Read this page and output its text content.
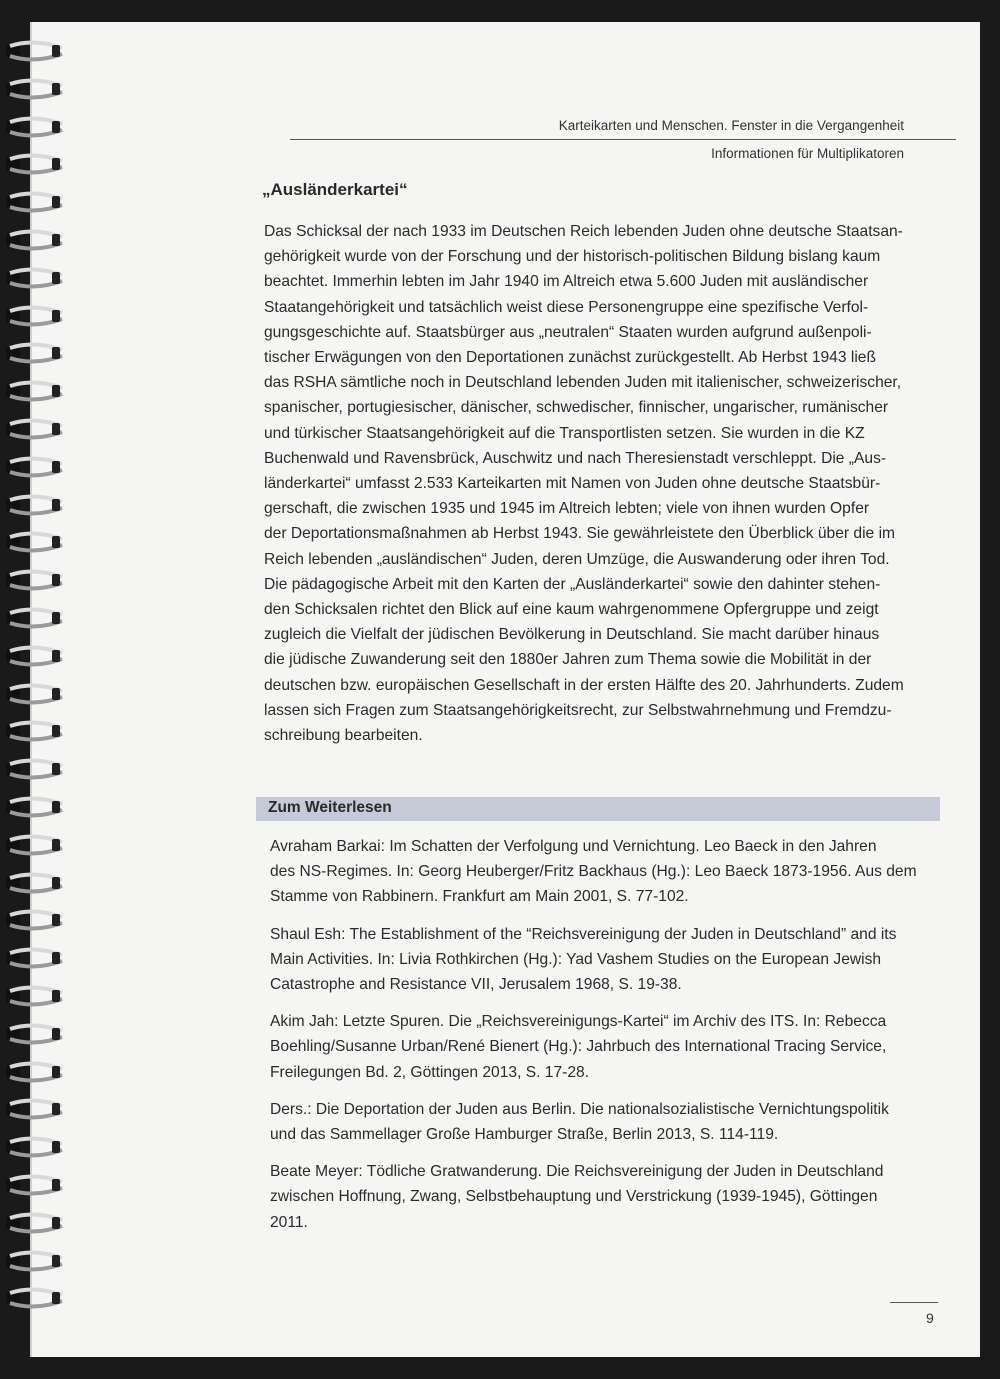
Karteikarten und Menschen. Fenster in die Vergangenheit
Informationen für Multiplikatoren
„Ausländerkartei“
Das Schicksal der nach 1933 im Deutschen Reich lebenden Juden ohne deutsche Staatsan-
gehörigkeit wurde von der Forschung und der historisch-politischen Bildung bislang kaum
beachtet. Immerhin lebten im Jahr 1940 im Altreich etwa 5.600 Juden mit ausländischer
Staatangehörigkeit und tatsächlich weist diese Personengruppe eine spezifische Verfol-
gungsgeschichte auf. Staatsbürger aus „neutralen“ Staaten wurden aufgrund außenpoli-
tischer Erwägungen von den Deportationen zunächst zurückgestellt. Ab Herbst 1943 ließ
das RSHA sämtliche noch in Deutschland lebenden Juden mit italienischer, schweizerischer,
spanischer, portugiesischer, dänischer, schwedischer, finnischer, ungarischer, rumänischer
und türkischer Staatsangehörigkeit auf die Transportlisten setzen. Sie wurden in die KZ
Buchenwald und Ravensbrück, Auschwitz und nach Theresienstadt verschleppt. Die „Aus-
länderkartei“ umfasst 2.533 Karteikarten mit Namen von Juden ohne deutsche Staatsbür-
gerschaft, die zwischen 1935 und 1945 im Altreich lebten; viele von ihnen wurden Opfer
der Deportationsmaßnahmen ab Herbst 1943. Sie gewährleistete den Überblick über die im
Reich lebenden „ausländischen“ Juden, deren Umzüge, die Auswanderung oder ihren Tod.
Die pädagogische Arbeit mit den Karten der „Ausländerkartei“ sowie den dahinter stehen-
den Schicksalen richtet den Blick auf eine kaum wahrgenommene Opfergruppe und zeigt
zugleich die Vielfalt der jüdischen Bevölkerung in Deutschland. Sie macht darüber hinaus
die jüdische Zuwanderung seit den 1880er Jahren zum Thema sowie die Mobilität in der
deutschen bzw. europäischen Gesellschaft in der ersten Hälfte des 20. Jahrhunderts. Zudem
lassen sich Fragen zum Staatsangehörigkeitsrecht, zur Selbstwahrnehmung und Fremdzu-
schreibung bearbeiten.
Zum Weiterlesen
Avraham Barkai: Im Schatten der Verfolgung und Vernichtung. Leo Baeck in den Jahren
des NS-Regimes. In: Georg Heuberger/Fritz Backhaus (Hg.): Leo Baeck 1873-1956. Aus dem
Stamme von Rabbinern. Frankfurt am Main 2001, S. 77-102.
Shaul Esh: The Establishment of the “Reichsvereinigung der Juden in Deutschland” and its
Main Activities. In: Livia Rothkirchen (Hg.): Yad Vashem Studies on the European Jewish
Catastrophe and Resistance VII, Jerusalem 1968, S. 19-38.
Akim Jah: Letzte Spuren. Die „Reichsvereinigungs-Kartei“ im Archiv des ITS. In: Rebecca
Boehling/Susanne Urban/René Bienert (Hg.): Jahrbuch des International Tracing Service,
Freilegungen Bd. 2, Göttingen 2013, S. 17-28.
Ders.: Die Deportation der Juden aus Berlin. Die nationalsozialistische Vernichtungspolitik
und das Sammellager Große Hamburger Straße, Berlin 2013, S. 114-119.
Beate Meyer: Tödliche Gratwanderung. Die Reichsvereinigung der Juden in Deutschland
zwischen Hoffnung, Zwang, Selbstbehauptung und Verstrickung (1939-1945), Göttingen
2011.
9
